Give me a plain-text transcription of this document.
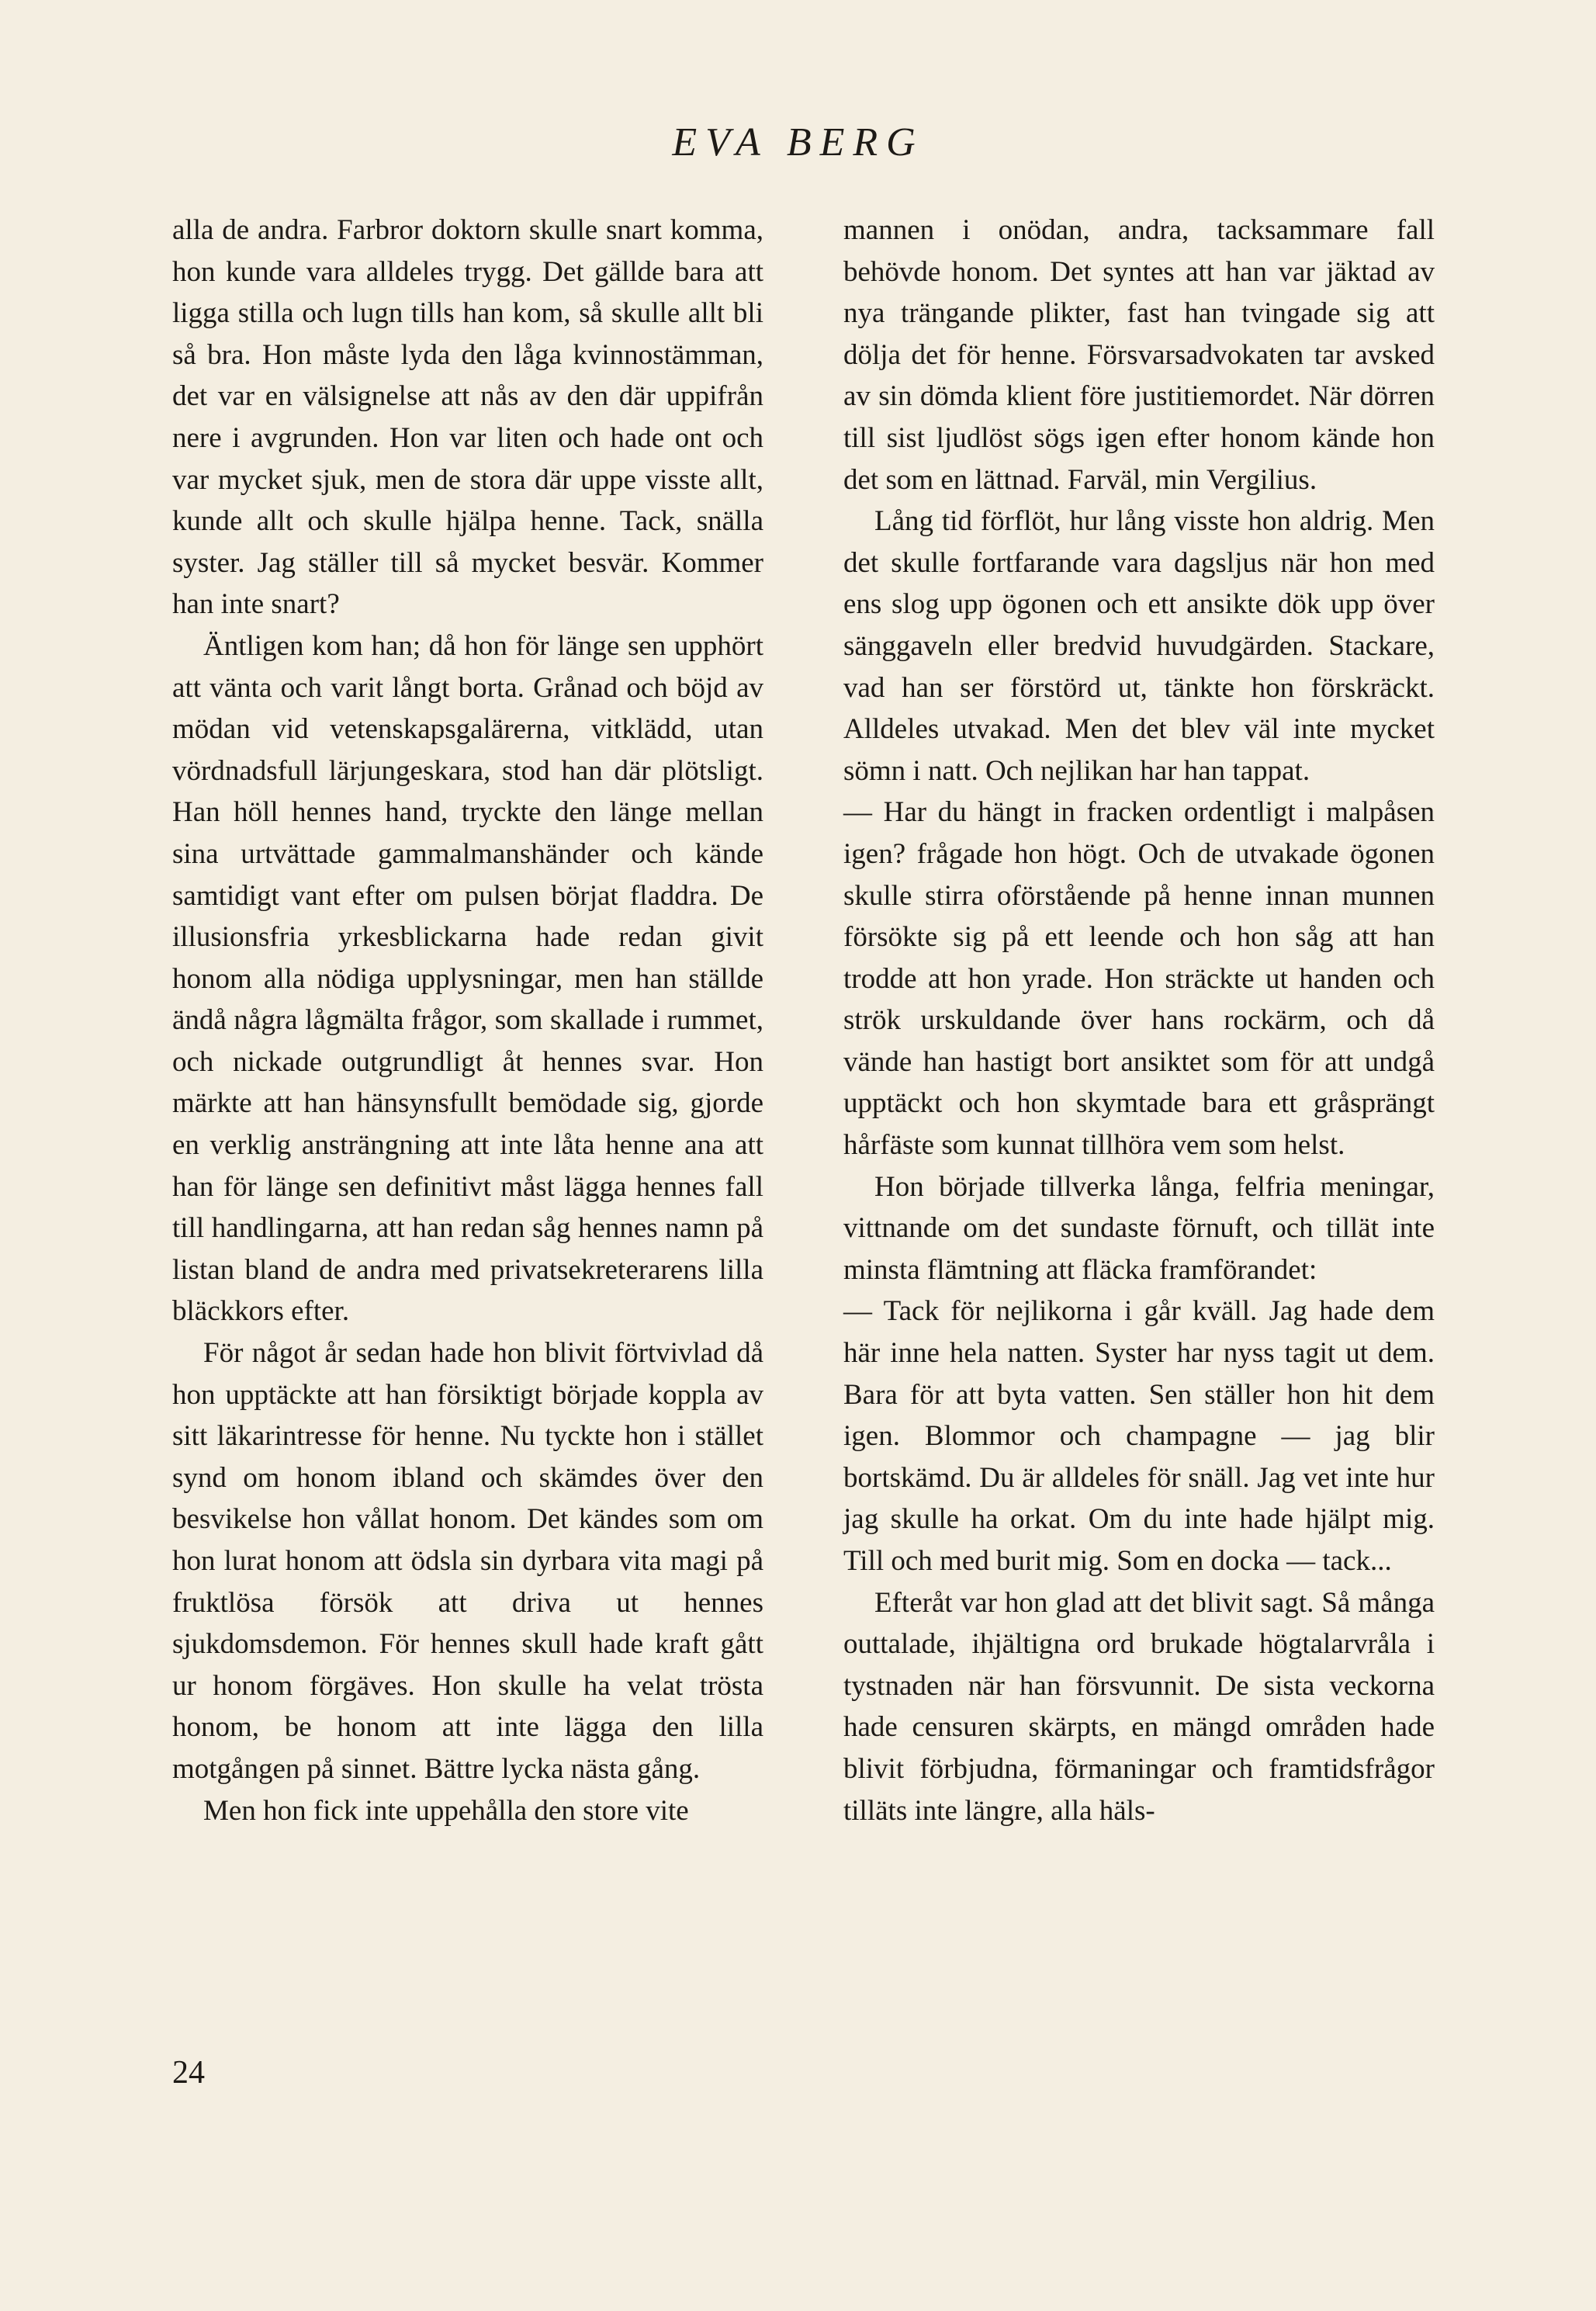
EVA BERG

alla de andra. Farbror doktorn skulle snart komma, hon kunde vara alldeles trygg. Det gällde bara att ligga stilla och lugn tills han kom, så skulle allt bli så bra. Hon måste lyda den låga kvinnostämman, det var en välsignelse att nås av den där uppifrån nere i avgrunden. Hon var liten och hade ont och var mycket sjuk, men de stora där uppe visste allt, kunde allt och skulle hjälpa henne. Tack, snälla syster. Jag ställer till så mycket besvär. Kommer han inte snart?

Äntligen kom han; då hon för länge sen upphört att vänta och varit långt borta. Grånad och böjd av mödan vid vetenskapsgalärerna, vitklädd, utan vördnadsfull lärjungeskara, stod han där plötsligt. Han höll hennes hand, tryckte den länge mellan sina urtvättade gammalmanshänder och kände samtidigt vant efter om pulsen börjat fladdra. De illusionsfria yrkesblickarna hade redan givit honom alla nödiga upplysningar, men han ställde ändå några lågmälta frågor, som skallade i rummet, och nickade outgrundligt åt hennes svar. Hon märkte att han hänsynsfullt bemödade sig, gjorde en verklig ansträngning att inte låta henne ana att han för länge sen definitivt måst lägga hennes fall till handlingarna, att han redan såg hennes namn på listan bland de andra med privatsekreterarens lilla bläckkors efter.

För något år sedan hade hon blivit förtvivlad då hon upptäckte att han försiktigt började koppla av sitt läkarintresse för henne. Nu tyckte hon i stället synd om honom ibland och skämdes över den besvikelse hon vållat honom. Det kändes som om hon lurat honom att ödsla sin dyrbara vita magi på fruktlösa försök att driva ut hennes sjukdomsdemon. För hennes skull hade kraft gått ur honom förgäves. Hon skulle ha velat trösta honom, be honom att inte lägga den lilla motgången på sinnet. Bättre lycka nästa gång.

Men hon fick inte uppehålla den store vite

mannen i onödan, andra, tacksammare fall behövde honom. Det syntes att han var jäktad av nya trängande plikter, fast han tvingade sig att dölja det för henne. Försvarsadvokaten tar avsked av sin dömda klient före justitiemordet. När dörren till sist ljudlöst sögs igen efter honom kände hon det som en lättnad. Farväl, min Vergilius.

Lång tid förflöt, hur lång visste hon aldrig. Men det skulle fortfarande vara dagsljus när hon med ens slog upp ögonen och ett ansikte dök upp över sänggaveln eller bredvid huvudgärden. Stackare, vad han ser förstörd ut, tänkte hon förskräckt. Alldeles utvakad. Men det blev väl inte mycket sömn i natt. Och nejlikan har han tappat.

— Har du hängt in fracken ordentligt i malpåsen igen? frågade hon högt. Och de utvakade ögonen skulle stirra oförstående på henne innan munnen försökte sig på ett leende och hon såg att han trodde att hon yrade. Hon sträckte ut handen och strök urskuldande över hans rockärm, och då vände han hastigt bort ansiktet som för att undgå upptäckt och hon skymtade bara ett gråsprängt hårfäste som kunnat tillhöra vem som helst.

Hon började tillverka långa, felfria meningar, vittnande om det sundaste förnuft, och tillät inte minsta flämtning att fläcka framförandet:

— Tack för nejlikorna i går kväll. Jag hade dem här inne hela natten. Syster har nyss tagit ut dem. Bara för att byta vatten. Sen ställer hon hit dem igen. Blommor och champagne — jag blir bortskämd. Du är alldeles för snäll. Jag vet inte hur jag skulle ha orkat. Om du inte hade hjälpt mig. Till och med burit mig. Som en docka — tack...

Efteråt var hon glad att det blivit sagt. Så många outtalade, ihjältigna ord brukade högtalarvråla i tystnaden när han försvunnit. De sista veckorna hade censuren skärpts, en mängd områden hade blivit förbjudna, förmaningar och framtidsfrågor tilläts inte längre, alla häls-

24
